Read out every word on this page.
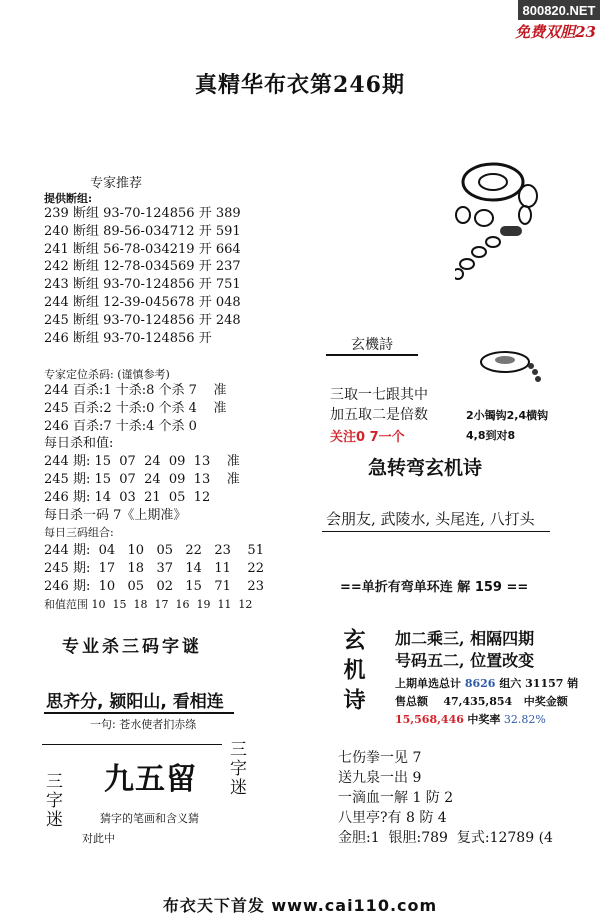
800820.NET
免费双胆23
真精华布衣第246期
专家推荐
提供断组:
239 断组 93-70-124856 开 389
240 断组 89-56-034712 开 591
241 断组 56-78-034219 开 664
242 断组 12-78-034569 开 237
243 断组 93-70-124856 开 751
244 断组 12-39-045678 开 048
245 断组 93-70-124856 开 248
246 断组 93-70-124856 开
专家定位杀码: (谨慎参考)
244 百杀:1 十杀:8 个杀 7    准
245 百杀:2 十杀:0 个杀 4    准
246 百杀:7 十杀:4 个杀 0
每日杀和值:
244 期: 15  07  24  09  13    准
245 期: 15  07  24  09  13    准
246 期: 14  03  21  05  12
每日杀一码 7《上期准》
每日三码组合:
244 期:  04   10   05   22   23    51
245 期:  17   18   37   14   11    22
246 期:  10   05   02   15   71    23
和值范围 10  15  18  17  16  19  11  12
专业杀三码字谜
思齐分, 颍阳山, 看相连
一句: 苍水使者扪赤绦
三字迷
三字迷
九五留
猜字的笔画和含义猜
对此中
玄機詩
三取一七跟其中
加五取二是倍数
关注0 7一个
2小镯钩2,4横钩
4,8到对8
急转弯玄机诗
会朋友, 武陵水, 头尾连, 八打头
==单折有弯单环连 解 159 ==
玄机诗 加二乘三, 相隔四期
号码五二, 位置改变
上期单选总计 8626 组六 31157 销
售总额    47,435,854   中奖金额
15,568,446 中奖率 32.82%
七伤拳一见 7
送九泉一出 9
一滴血一解 1 防 2
八里亭?有 8 防 4
金胆:1  银胆:789  复式:12789 (4
布衣天下首发 www.cai110.com
